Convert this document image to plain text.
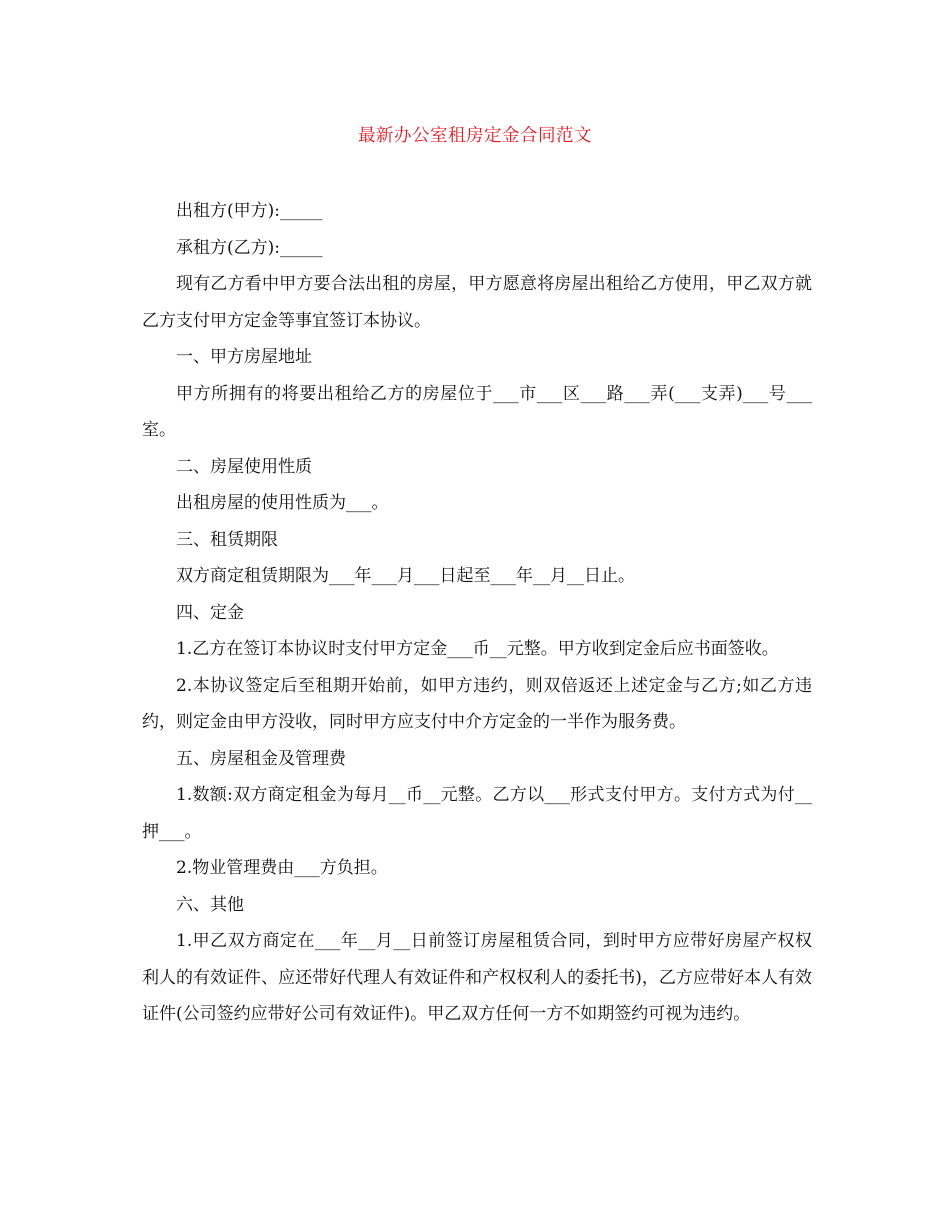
最新办公室租房定金合同范文

出租方(甲方):_____

承租方(乙方):_____

现有乙方看中甲方要合法出租的房屋，甲方愿意将房屋出租给乙方使用，甲乙双方就乙方支付甲方定金等事宜签订本协议。

一、甲方房屋地址

甲方所拥有的将要出租给乙方的房屋位于___市___区___路___弄(___支弄)___号___室。

二、房屋使用性质

出租房屋的使用性质为___。

三、租赁期限

双方商定租赁期限为___年___月___日起至___年__月__日止。

四、定金

1.乙方在签订本协议时支付甲方定金___币__元整。甲方收到定金后应书面签收。

2.本协议签定后至租期开始前，如甲方违约，则双倍返还上述定金与乙方;如乙方违约，则定金由甲方没收，同时甲方应支付中介方定金的一半作为服务费。

五、房屋租金及管理费

1.数额:双方商定租金为每月__币__元整。乙方以___形式支付甲方。支付方式为付__押___。

2.物业管理费由___方负担。

六、其他

1.甲乙双方商定在___年__月__日前签订房屋租赁合同，到时甲方应带好房屋产权权利人的有效证件、应还带好代理人有效证件和产权权利人的委托书)，乙方应带好本人有效证件(公司签约应带好公司有效证件)。甲乙双方任何一方不如期签约可视为违约。
